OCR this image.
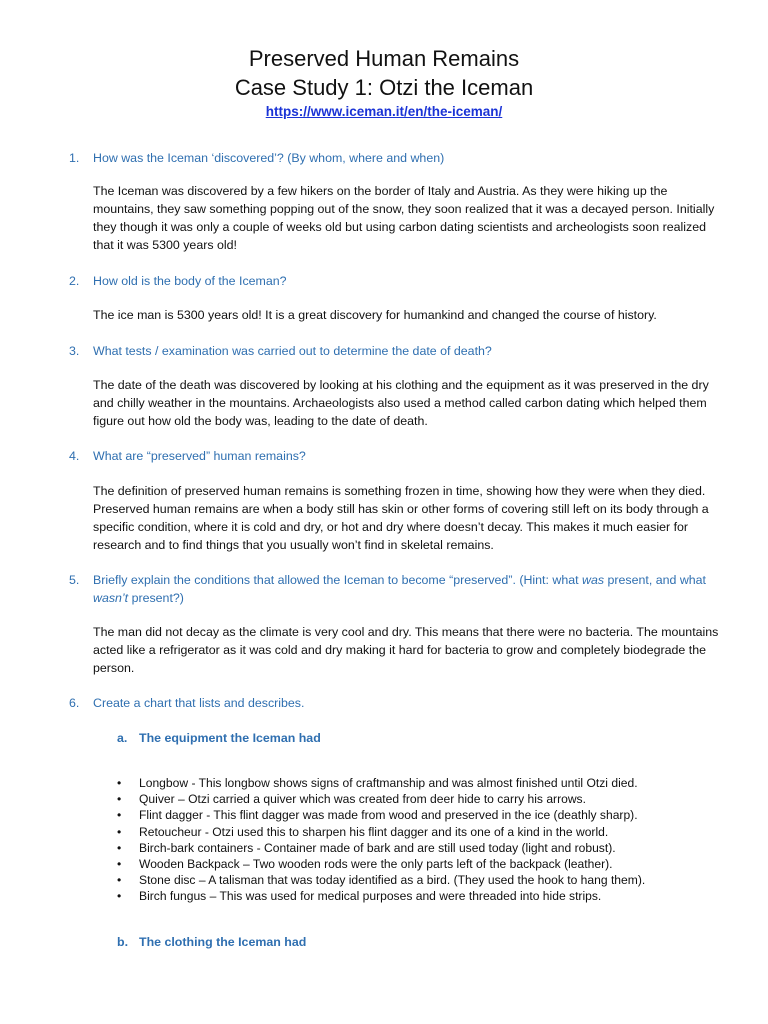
Preserved Human Remains
Case Study 1: Otzi the Iceman
https://www.iceman.it/en/the-iceman/
1. How was the Iceman ‘discovered’? (By whom, where and when)
The Iceman was discovered by a few hikers on the border of Italy and Austria. As they were hiking up the mountains, they saw something popping out of the snow, they soon realized that it was a decayed person. Initially they though it was only a couple of weeks old but using carbon dating scientists and archeologists soon realized that it was 5300 years old!
2. How old is the body of the Iceman?
The ice man is 5300 years old! It is a great discovery for humankind and changed the course of history.
3. What tests / examination was carried out to determine the date of death?
The date of the death was discovered by looking at his clothing and the equipment as it was preserved in the dry and chilly weather in the mountains. Archaeologists also used a method called carbon dating which helped them figure out how old the body was, leading to the date of death.
4. What are “preserved” human remains?
The definition of preserved human remains is something frozen in time, showing how they were when they died. Preserved human remains are when a body still has skin or other forms of covering still left on its body through a specific condition, where it is cold and dry, or hot and dry where doesn’t decay. This makes it much easier for research and to find things that you usually won’t find in skeletal remains.
5. Briefly explain the conditions that allowed the Iceman to become “preserved”. (Hint: what was present, and what wasn’t present?)
The man did not decay as the climate is very cool and dry. This means that there were no bacteria. The mountains acted like a refrigerator as it was cold and dry making it hard for bacteria to grow and completely biodegrade the person.
6. Create a chart that lists and describes.
a. The equipment the Iceman had
• Longbow - This longbow shows signs of craftmanship and was almost finished until Otzi died.
• Quiver – Otzi carried a quiver which was created from deer hide to carry his arrows.
• Flint dagger - This flint dagger was made from wood and preserved in the ice (deathly sharp).
• Retoucheur - Otzi used this to sharpen his flint dagger and its one of a kind in the world.
• Birch-bark containers - Container made of bark and are still used today (light and robust).
• Wooden Backpack – Two wooden rods were the only parts left of the backpack (leather).
• Stone disc – A talisman that was today identified as a bird. (They used the hook to hang them).
• Birch fungus – This was used for medical purposes and were threaded into hide strips.
b. The clothing the Iceman had
